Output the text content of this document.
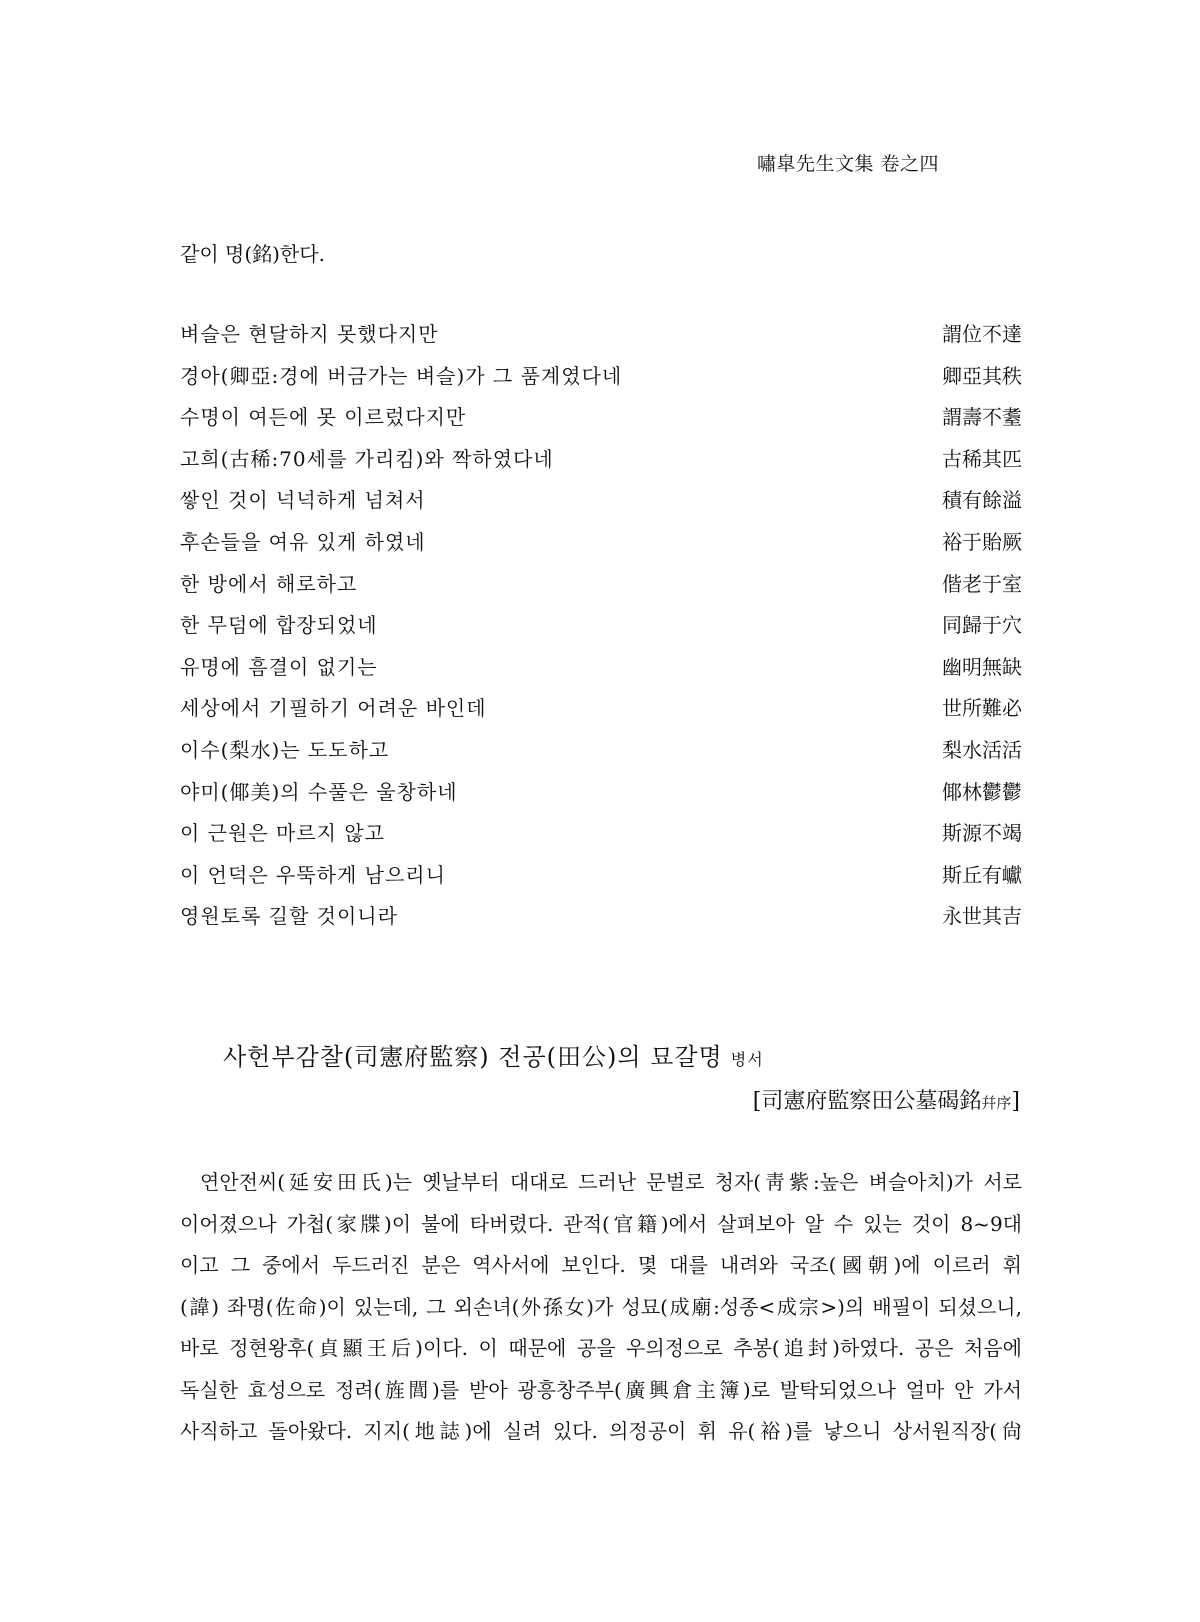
嘯皐先生文集 卷之四
같이 명(銘)한다.
벼슬은 현달하지 못했다지만	謂位不達
경아(卿亞:경에 버금가는 벼슬)가 그 품계였다네	卿亞其秩
수명이 여든에 못 이르렀다지만	謂壽不耋
고희(古稀:70세를 가리킴)와 짝하였다네	古稀其匹
쌓인 것이 넉넉하게 넘쳐서	積有餘溢
후손들을 여유 있게 하였네	裕于貽厥
한 방에서 해로하고	偕老于室
한 무덤에 합장되었네	同歸于穴
유명에 흠결이 없기는	幽明無缺
세상에서 기필하기 어려운 바인데	世所難必
이수(梨水)는 도도하고	梨水活活
야미(倻美)의 수풀은 울창하네	倻林鬱鬱
이 근원은 마르지 않고	斯源不竭
이 언덕은 우뚝하게 남으리니	斯丘有巘
영원토록 길할 것이니라	永世其吉
사헌부감찰(司憲府監察) 전공(田公)의 묘갈명 병서
[司憲府監察田公墓碣銘幷序]
연안전씨(延安田氏)는 옛날부터 대대로 드러난 문벌로 청자(靑紫:높은 벼슬아치)가 서로
이어졌으나 가첩(家牒)이 불에 타버렸다. 관적(官籍)에서 살펴보아 알 수 있는 것이 8~9대
이고 그 중에서 두드러진 분은 역사서에 보인다. 몇 대를 내려와 국조(國朝)에 이르러 휘
(諱) 좌명(佐命)이 있는데, 그 외손녀(外孫女)가 성묘(成廟:성종<成宗>)의 배필이 되셨으니,
바로 정현왕후(貞顯王后)이다. 이 때문에 공을 우의정으로 추봉(追封)하였다. 공은 처음에
독실한 효성으로 정려(旌閭)를 받아 광흥창주부(廣興倉主簿)로 발탁되었으나 얼마 안 가서
사직하고 돌아왔다. 지지(地誌)에 실려 있다. 의정공이 휘 유(裕)를 낳으니 상서원직장(尙
